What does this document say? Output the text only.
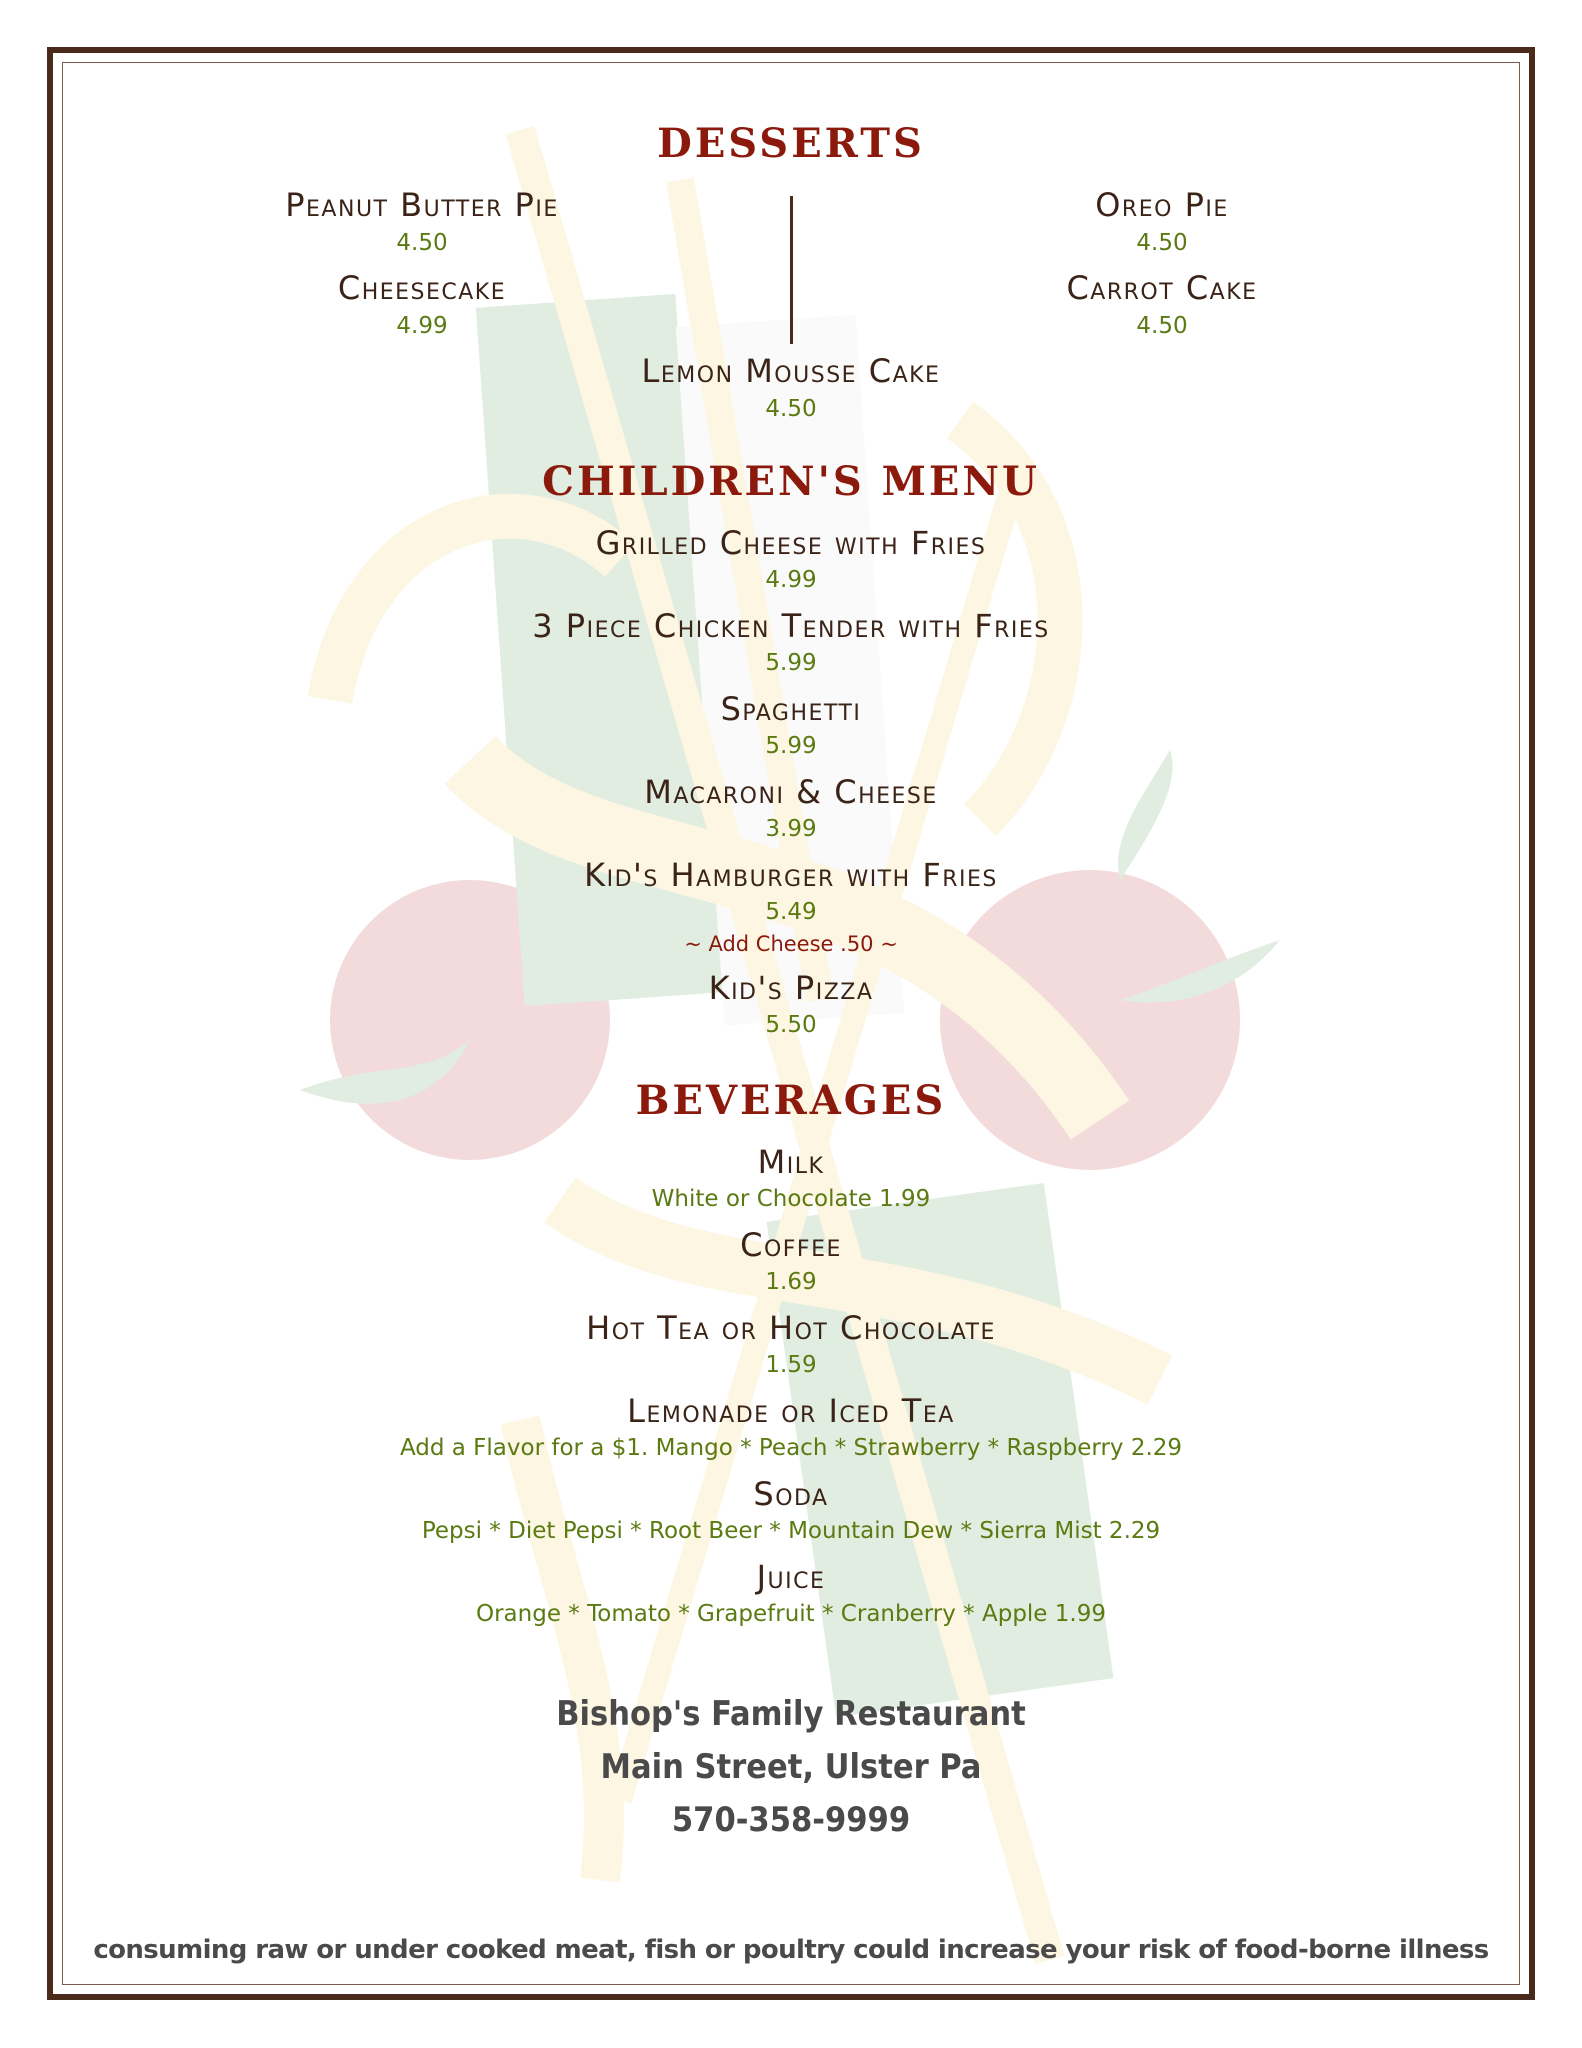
DESSERTS
Peanut Butter Pie
4.50
Cheesecake
4.99
Oreo Pie
4.50
Carrot Cake
4.50
Lemon Mousse Cake
4.50
CHILDREN'S MENU
Grilled Cheese with Fries
4.99
3 Piece Chicken Tender with Fries
5.99
Spaghetti
5.99
Macaroni & Cheese
3.99
Kid's Hamburger with Fries
5.49
~ Add Cheese .50 ~
Kid's Pizza
5.50
BEVERAGES
Milk
White or Chocolate 1.99
Coffee
1.69
Hot Tea or Hot Chocolate
1.59
Lemonade or Iced Tea
Add a Flavor for a $1. Mango * Peach * Strawberry * Raspberry 2.29
Soda
Pepsi * Diet Pepsi * Root Beer * Mountain Dew * Sierra Mist 2.29
Juice
Orange * Tomato * Grapefruit * Cranberry * Apple 1.99
Bishop's Family Restaurant
Main Street, Ulster Pa
570-358-9999
consuming raw or under cooked meat, fish or poultry could increase your risk of food-borne illness
